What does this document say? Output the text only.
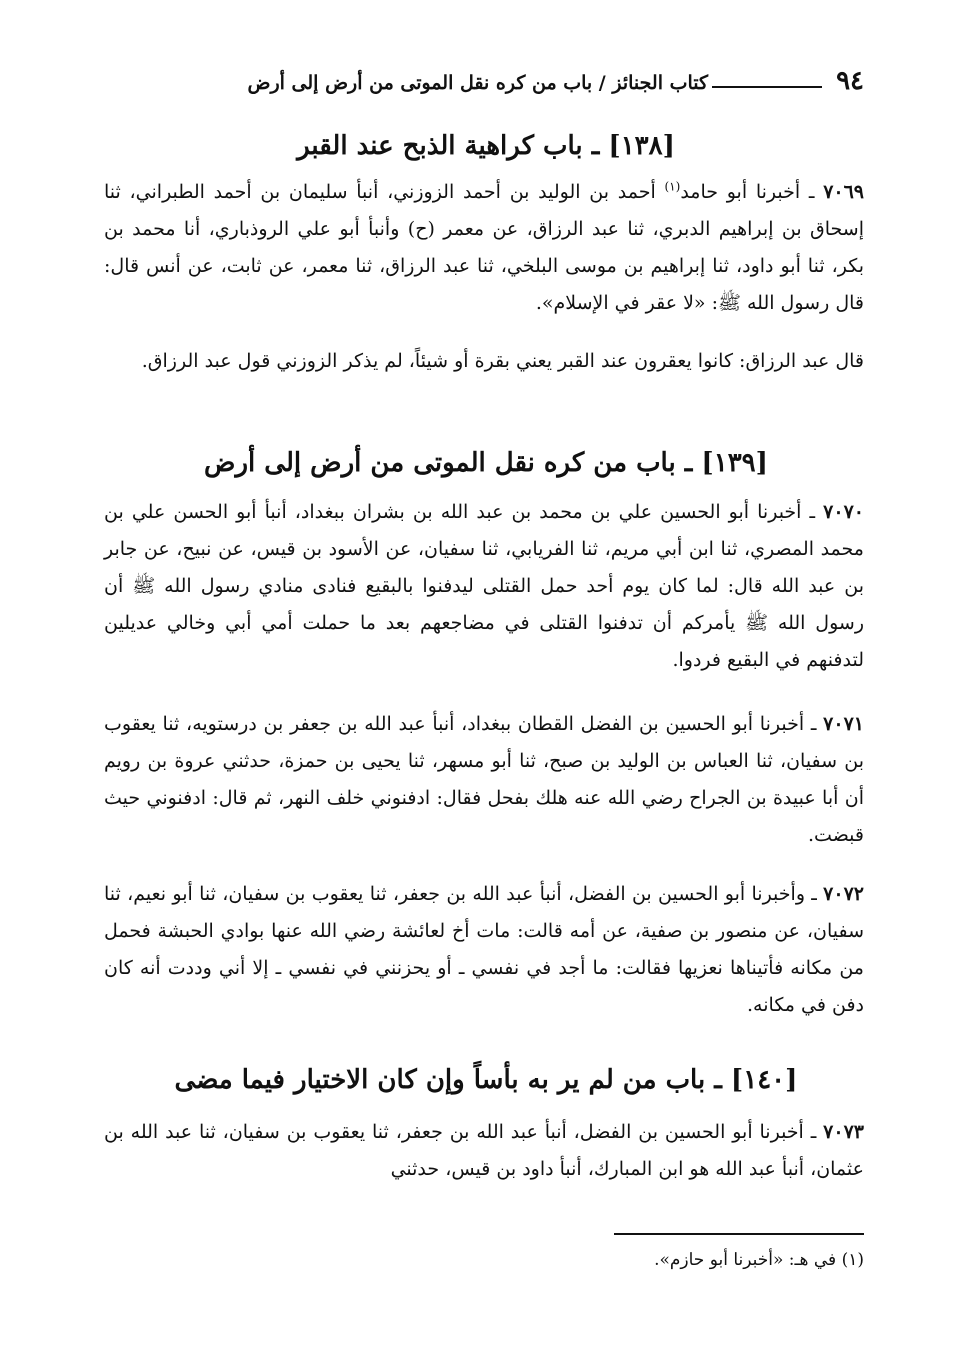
٩٤
كتاب الجنائز / باب من كره نقل الموتى من أرض إلى أرض
[١٣٨] ـ باب كراهية الذبح عند القبر

٧٠٦٩ ـ أخبرنا أبو حامد$^{(١)}$ أحمد بن الوليد بن أحمد الزوزني، أنبأ سليمان بن أحمد الطبراني، ثنا إسحاق بن إبراهيم الدبري، ثنا عبد الرزاق، عن معمر (ح) وأنبأ أبو علي الروذباري، أنا محمد بن بكر، ثنا أبو داود، ثنا إبراهيم بن موسى البلخي، ثنا عبد الرزاق، ثنا معمر، عن ثابت، عن أنس قال: قال رسول الله ﷺ: «لا عقر في الإسلام».

قال عبد الرزاق: كانوا يعقرون عند القبر يعني بقرة أو شيئاً، لم يذكر الزوزني قول عبد الرزاق.

[١٣٩] ـ باب من كره نقل الموتى من أرض إلى أرض

٧٠٧٠ ـ أخبرنا أبو الحسين علي بن محمد بن عبد الله بن بشران ببغداد، أنبأ أبو الحسن علي بن محمد المصري، ثنا ابن أبي مريم، ثنا الفريابي، ثنا سفيان، عن الأسود بن قيس، عن نبيح، عن جابر بن عبد الله قال: لما كان يوم أحد حمل القتلى ليدفنوا بالبقيع فنادى منادي رسول الله ﷺ أن رسول الله ﷺ يأمركم أن تدفنوا القتلى في مضاجعهم بعد ما حملت أمي أبي وخالي عديلين لتدفنهم في البقيع فردوا.

٧٠٧١ ـ أخبرنا أبو الحسين بن الفضل القطان ببغداد، أنبأ عبد الله بن جعفر بن درستويه، ثنا يعقوب بن سفيان، ثنا العباس بن الوليد بن صبح، ثنا أبو مسهر، ثنا يحيى بن حمزة، حدثني عروة بن رويم أن أبا عبيدة بن الجراح رضي الله عنه هلك بفحل فقال: ادفنوني خلف النهر، ثم قال: ادفنوني حيث قبضت.

٧٠٧٢ ـ وأخبرنا أبو الحسين بن الفضل، أنبأ عبد الله بن جعفر، ثنا يعقوب بن سفيان، ثنا أبو نعيم، ثنا سفيان، عن منصور بن صفية، عن أمه قالت: مات أخ لعائشة رضي الله عنها بوادي الحبشة فحمل من مكانه فأتيناها نعزيها فقالت: ما أجد في نفسي ـ أو يحزنني في نفسي ـ إلا أني وددت أنه كان دفن في مكانه.

[١٤٠] ـ باب من لم ير به بأساً وإن كان الاختيار فيما مضى

٧٠٧٣ ـ أخبرنا أبو الحسين بن الفضل، أنبأ عبد الله بن جعفر، ثنا يعقوب بن سفيان، ثنا عبد الله بن عثمان، أنبأ عبد الله هو ابن المبارك، أنبأ داود بن قيس، حدثني

(١) في هـ: «أخبرنا أبو حازم».
